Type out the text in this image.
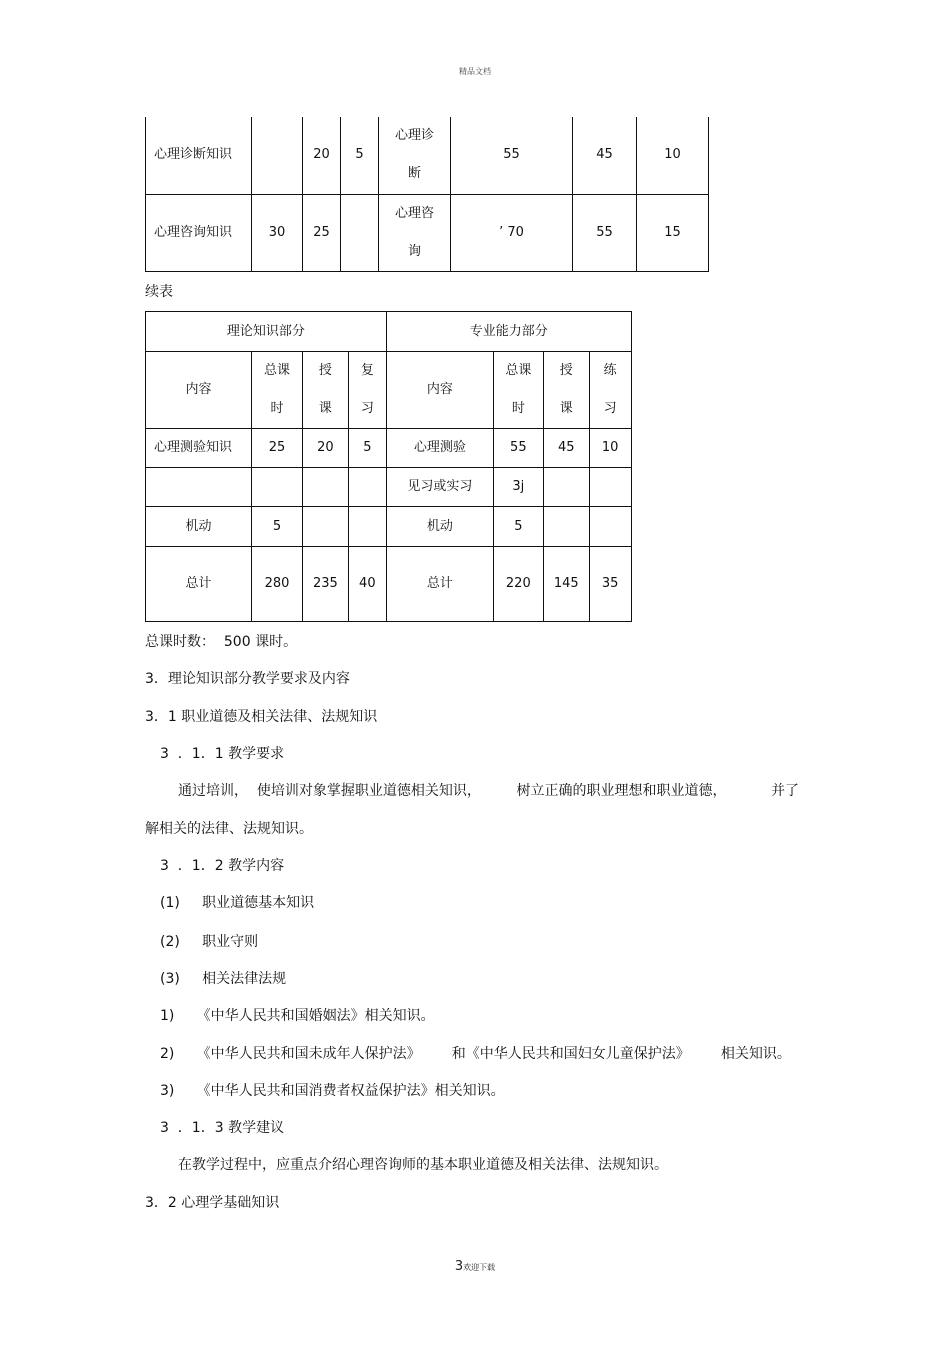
精品文档
心理诊断知识		20	5	心理诊断	55	45	10
心理咨询知识	30	25		心理咨询	’ 70	55	15
续表
理论知识部分				专业能力部分			
内容	总课时	授课	复习	内容	总课时	授课	练习
心理测验知识	25	20	5	心理测验	55	45	10
				见习或实习	3j		
机动	5			机动	5		
总计	280	235	40	总计	220	145	35
总课时数：  500 课时。
3．理论知识部分教学要求及内容
3．1 职业道德及相关法律、法规知识
3  ．1．1 教学要求
通过培训，  使培训对象掌握职业道德相关知识，        树立正确的职业理想和职业道德，          并了
解相关的法律、法规知识。
3  ．1．2 教学内容
(1)     职业道德基本知识
(2)     职业守则
(3)     相关法律法规
1)     《中华人民共和国婚姻法》相关知识。
2)     《中华人民共和国未成年人保护法》       和《中华人民共和国妇女儿童保护法》       相关知识。
3)     《中华人民共和国消费者权益保护法》相关知识。
3  ．1．3 教学建议
在教学过程中，应重点介绍心理咨询师的基本职业道德及相关法律、法规知识。
3．2 心理学基础知识
3欢迎下载
